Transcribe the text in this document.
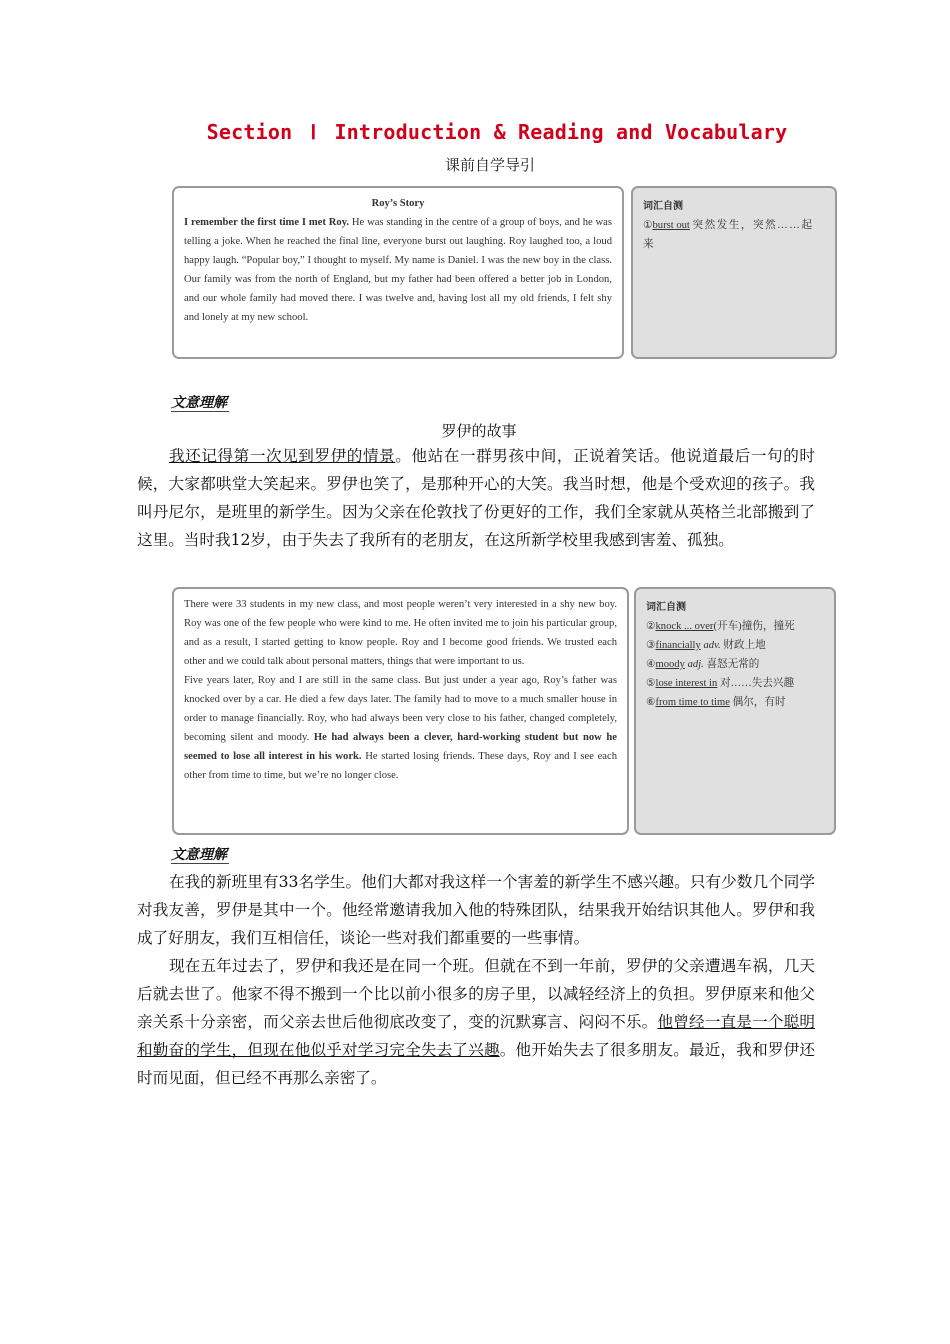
Section Ⅰ Introduction & Reading and Vocabulary
课前自学导引

Roy’s Story

I remember the first time I met Roy. He was standing in the centre of a group of boys, and he was telling a joke. When he reached the final line, everyone burst out laughing. Roy laughed too, a loud happy laugh. “Popular boy,” I thought to myself. My name is Daniel. I was the new boy in the class. Our family was from the north of England, but my father had been offered a better job in London, and our whole family had moved there. I was twelve and, having lost all my old friends, I felt shy and lonely at my new school.

词汇自测
①burst out 突然发生，突然……起来
文意理解
罗伊的故事

我还记得第一次见到罗伊的情景。他站在一群男孩中间，正说着笑话。他说道最后一句的时候，大家都哄堂大笑起来。罗伊也笑了，是那种开心的大笑。我当时想，他是个受欢迎的孩子。我叫丹尼尔，是班里的新学生。因为父亲在伦敦找了份更好的工作，我们全家就从英格兰北部搬到了这里。当时我12岁，由于失去了我所有的老朋友，在这所新学校里我感到害羞、孤独。

There were 33 students in my new class, and most people weren’t very interested in a shy new boy. Roy was one of the few people who were kind to me. He often invited me to join his particular group, and as a result, I started getting to know people. Roy and I become good friends. We trusted each other and we could talk about personal matters, things that were important to us.

Five years later, Roy and I are still in the same class. But just under a year ago, Roy’s father was knocked over by a car. He died a few days later. The family had to move to a much smaller house in order to manage financially. Roy, who had always been very close to his father, changed completely, becoming silent and moody. He had always been a clever, hard-working student but now he seemed to lose all interest in his work. He started losing friends. These days, Roy and I see each other from time to time, but we’re no longer close.

词汇自测
②knock ... over(开车)撞伤，撞死
③financially adv. 财政上地
④moody adj. 喜怒无常的
⑤lose interest in 对……失去兴趣
⑥from time to time 偶尔，有时
文意理解

在我的新班里有33名学生。他们大都对我这样一个害羞的新学生不感兴趣。只有少数几个同学对我友善，罗伊是其中一个。他经常邀请我加入他的特殊团队，结果我开始结识其他人。罗伊和我成了好朋友，我们互相信任，谈论一些对我们都重要的一些事情。

现在五年过去了，罗伊和我还是在同一个班。但就在不到一年前，罗伊的父亲遭遇车祸，几天后就去世了。他家不得不搬到一个比以前小很多的房子里，以减轻经济上的负担。罗伊原来和他父亲关系十分亲密，而父亲去世后他彻底改变了，变的沉默寡言、闷闷不乐。他曾经一直是一个聪明和勤奋的学生，但现在他似乎对学习完全失去了兴趣。他开始失去了很多朋友。最近，我和罗伊还时而见面，但已经不再那么亲密了。
